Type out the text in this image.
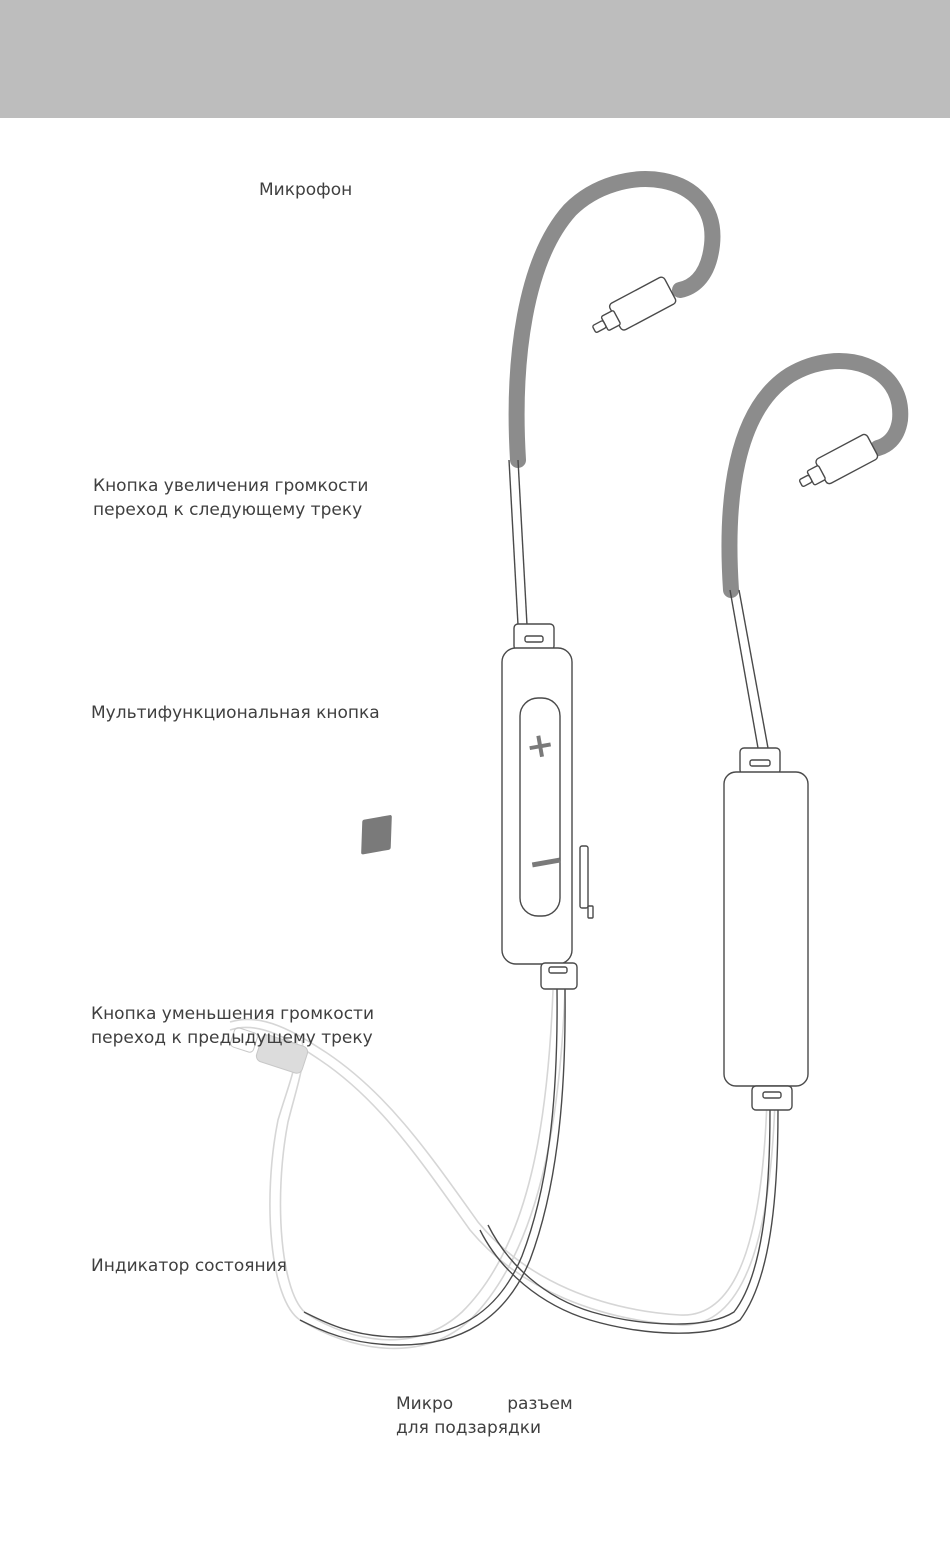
+
M
Микрофон
Кнопка увеличения громкости
переход к следующему треку
Мультифункциональная кнопка
Кнопка уменьшения громкости
переход к предыдущему треку
Индикатор состояния
Микро	разъем
для подзарядки
